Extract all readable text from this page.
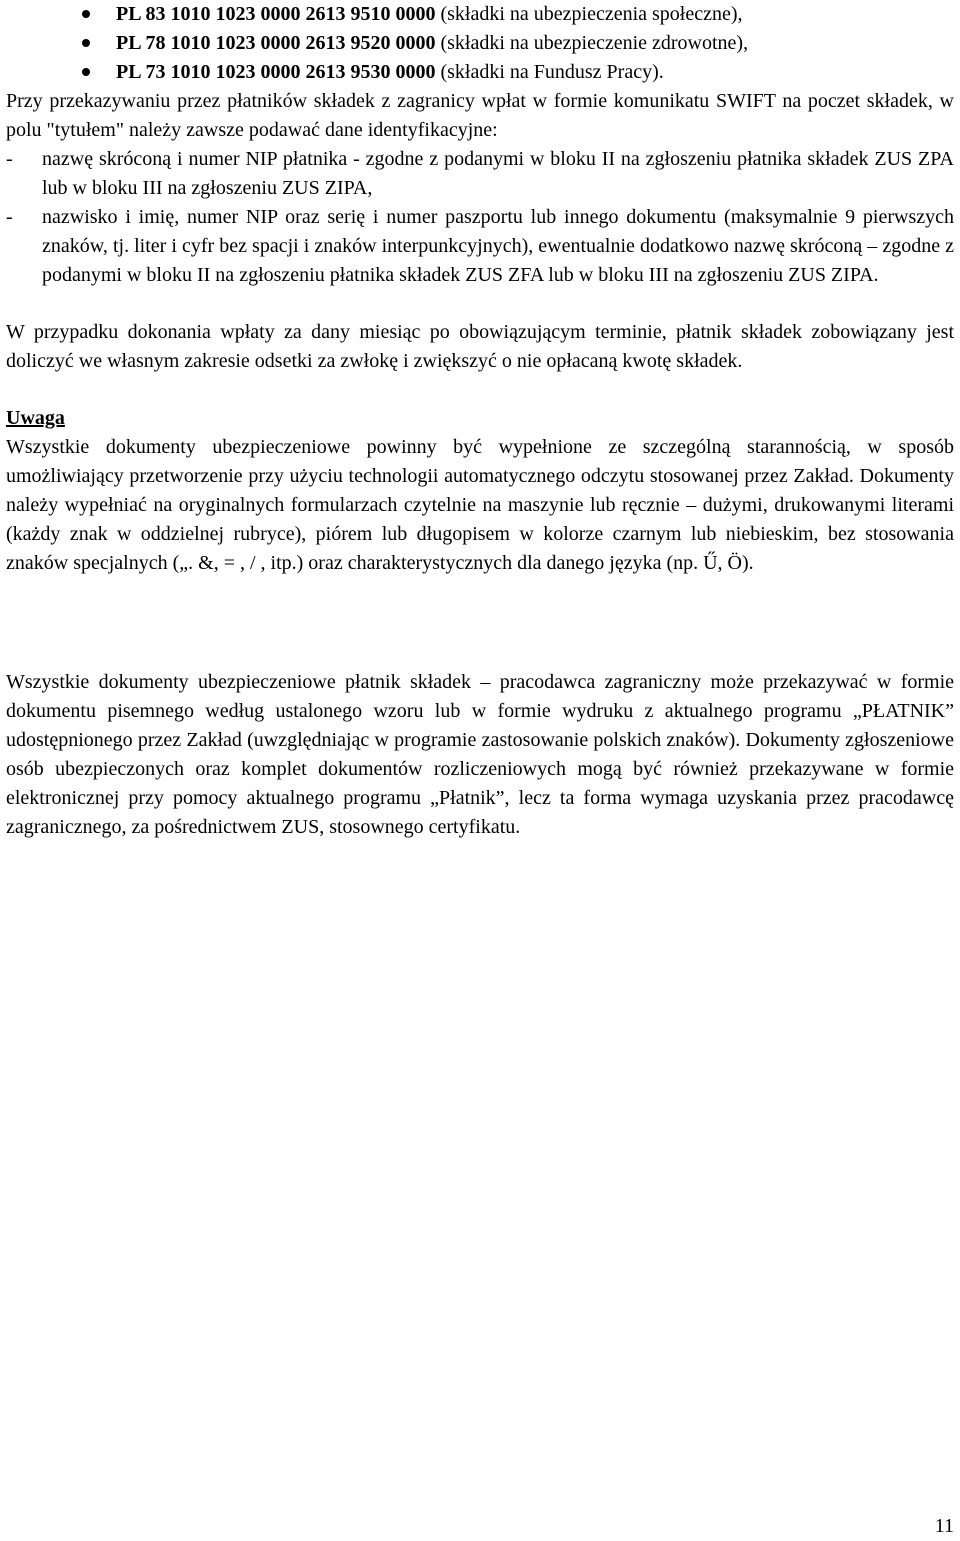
PL 83 1010 1023 0000 2613 9510 0000 (składki na ubezpieczenia społeczne),
PL 78 1010 1023 0000 2613 9520 0000 (składki na ubezpieczenie zdrowotne),
PL 73 1010 1023 0000 2613 9530 0000 (składki na Fundusz Pracy).

Przy przekazywaniu przez płatników składek z zagranicy wpłat w formie komunikatu SWIFT na poczet składek, w polu "tytułem" należy zawsze podawać dane identyfikacyjne:

- nazwę skróconą i numer NIP płatnika - zgodne z podanymi w bloku II na zgłoszeniu płatnika składek ZUS ZPA lub w bloku III na zgłoszeniu ZUS ZIPA,
- nazwisko i imię, numer NIP oraz serię i numer paszportu lub innego dokumentu (maksymalnie 9 pierwszych znaków, tj. liter i cyfr bez spacji i znaków interpunkcyjnych), ewentualnie dodatkowo nazwę skróconą – zgodne z podanymi w bloku II na zgłoszeniu płatnika składek ZUS ZFA lub w bloku III na zgłoszeniu ZUS ZIPA.

W przypadku dokonania wpłaty za dany miesiąc po obowiązującym terminie, płatnik składek zobowiązany jest doliczyć we własnym zakresie odsetki za zwłokę i zwiększyć o nie opłacaną kwotę składek.

Uwaga

Wszystkie dokumenty ubezpieczeniowe powinny być wypełnione ze szczególną starannością, w sposób umożliwiający przetworzenie przy użyciu technologii automatycznego odczytu stosowanej przez Zakład. Dokumenty należy wypełniać na oryginalnych formularzach czytelnie na maszynie lub ręcznie – dużymi, drukowanymi literami (każdy znak w oddzielnej rubryce), piórem lub długopisem w kolorze czarnym lub niebieskim, bez stosowania znaków specjalnych („. &, = , / , itp.) oraz charakterystycznych dla danego języka (np. Ű, Ö).

Wszystkie dokumenty ubezpieczeniowe płatnik składek – pracodawca zagraniczny może przekazywać w formie dokumentu pisemnego według ustalonego wzoru lub w formie wydruku z aktualnego programu „PŁATNIK” udostępnionego przez Zakład (uwzględniając w programie zastosowanie polskich znaków). Dokumenty zgłoszeniowe osób ubezpieczonych oraz komplet dokumentów rozliczeniowych mogą być również przekazywane w formie elektronicznej przy pomocy aktualnego programu „Płatnik”, lecz ta forma wymaga uzyskania przez pracodawcę zagranicznego, za pośrednictwem ZUS, stosownego certyfikatu.

11
